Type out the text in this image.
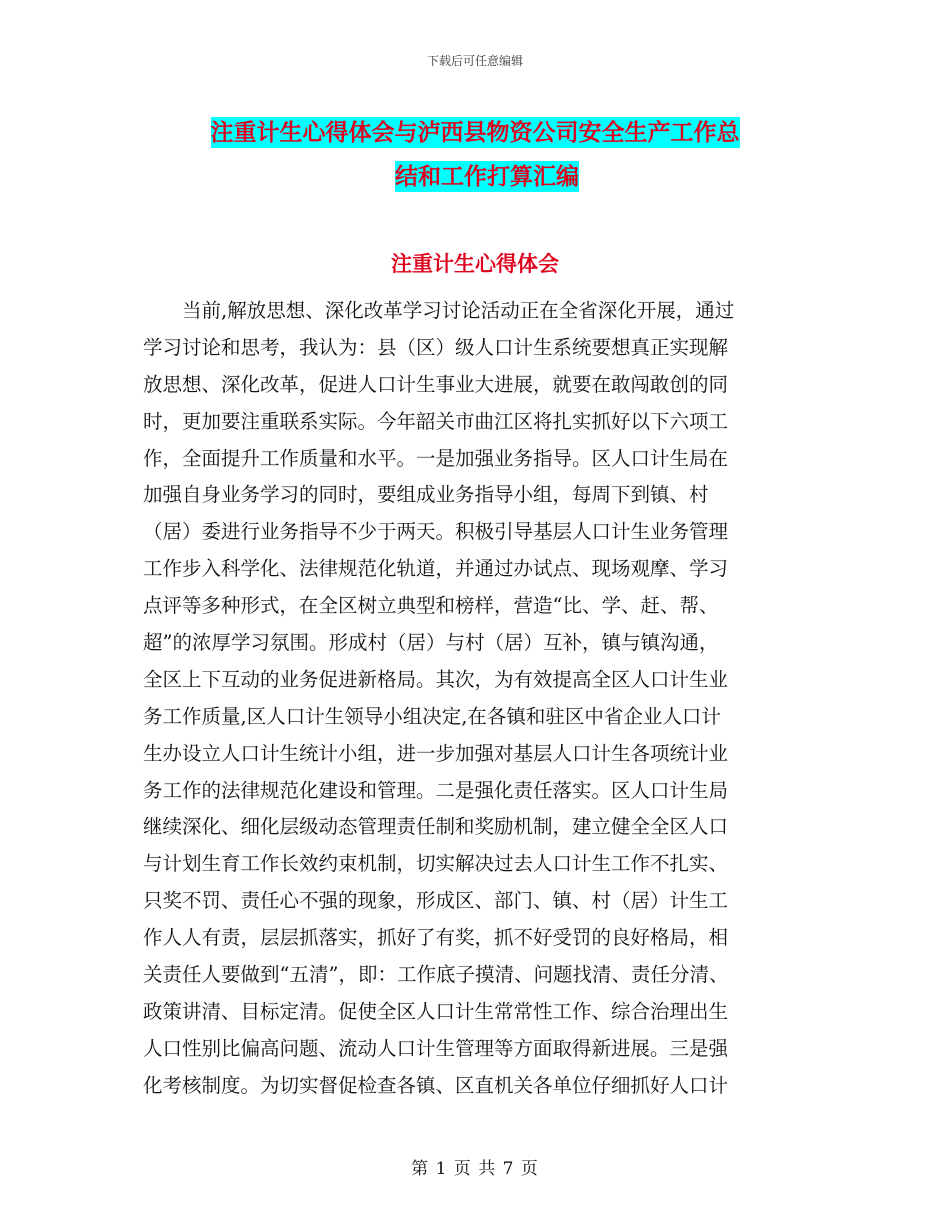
下载后可任意编辑
注重计生心得体会与泸西县物资公司安全生产工作总
结和工作打算汇编
注重计生心得体会
　　当前,解放思想、深化改革学习讨论活动正在全省深化开展，通过
学习讨论和思考，我认为：县（区）级人口计生系统要想真正实现解
放思想、深化改革，促进人口计生事业大进展，就要在敢闯敢创的同
时，更加要注重联系实际。今年韶关市曲江区将扎实抓好以下六项工
作，全面提升工作质量和水平。一是加强业务指导。区人口计生局在
加强自身业务学习的同时，要组成业务指导小组，每周下到镇、村
（居）委进行业务指导不少于两天。积极引导基层人口计生业务管理
工作步入科学化、法律规范化轨道，并通过办试点、现场观摩、学习
点评等多种形式，在全区树立典型和榜样，营造“比、学、赶、帮、
超”的浓厚学习氛围。形成村（居）与村（居）互补，镇与镇沟通，
全区上下互动的业务促进新格局。其次，为有效提高全区人口计生业
务工作质量,区人口计生领导小组决定,在各镇和驻区中省企业人口计
生办设立人口计生统计小组，进一步加强对基层人口计生各项统计业
务工作的法律规范化建设和管理。二是强化责任落实。区人口计生局
继续深化、细化层级动态管理责任制和奖励机制，建立健全全区人口
与计划生育工作长效约束机制，切实解决过去人口计生工作不扎实、
只奖不罚、责任心不强的现象，形成区、部门、镇、村（居）计生工
作人人有责，层层抓落实，抓好了有奖，抓不好受罚的良好格局，相
关责任人要做到“五清”，即：工作底子摸清、问题找清、责任分清、
政策讲清、目标定清。促使全区人口计生常常性工作、综合治理出生
人口性别比偏高问题、流动人口计生管理等方面取得新进展。三是强
化考核制度。为切实督促检查各镇、区直机关各单位仔细抓好人口计
第 1 页 共 7 页
